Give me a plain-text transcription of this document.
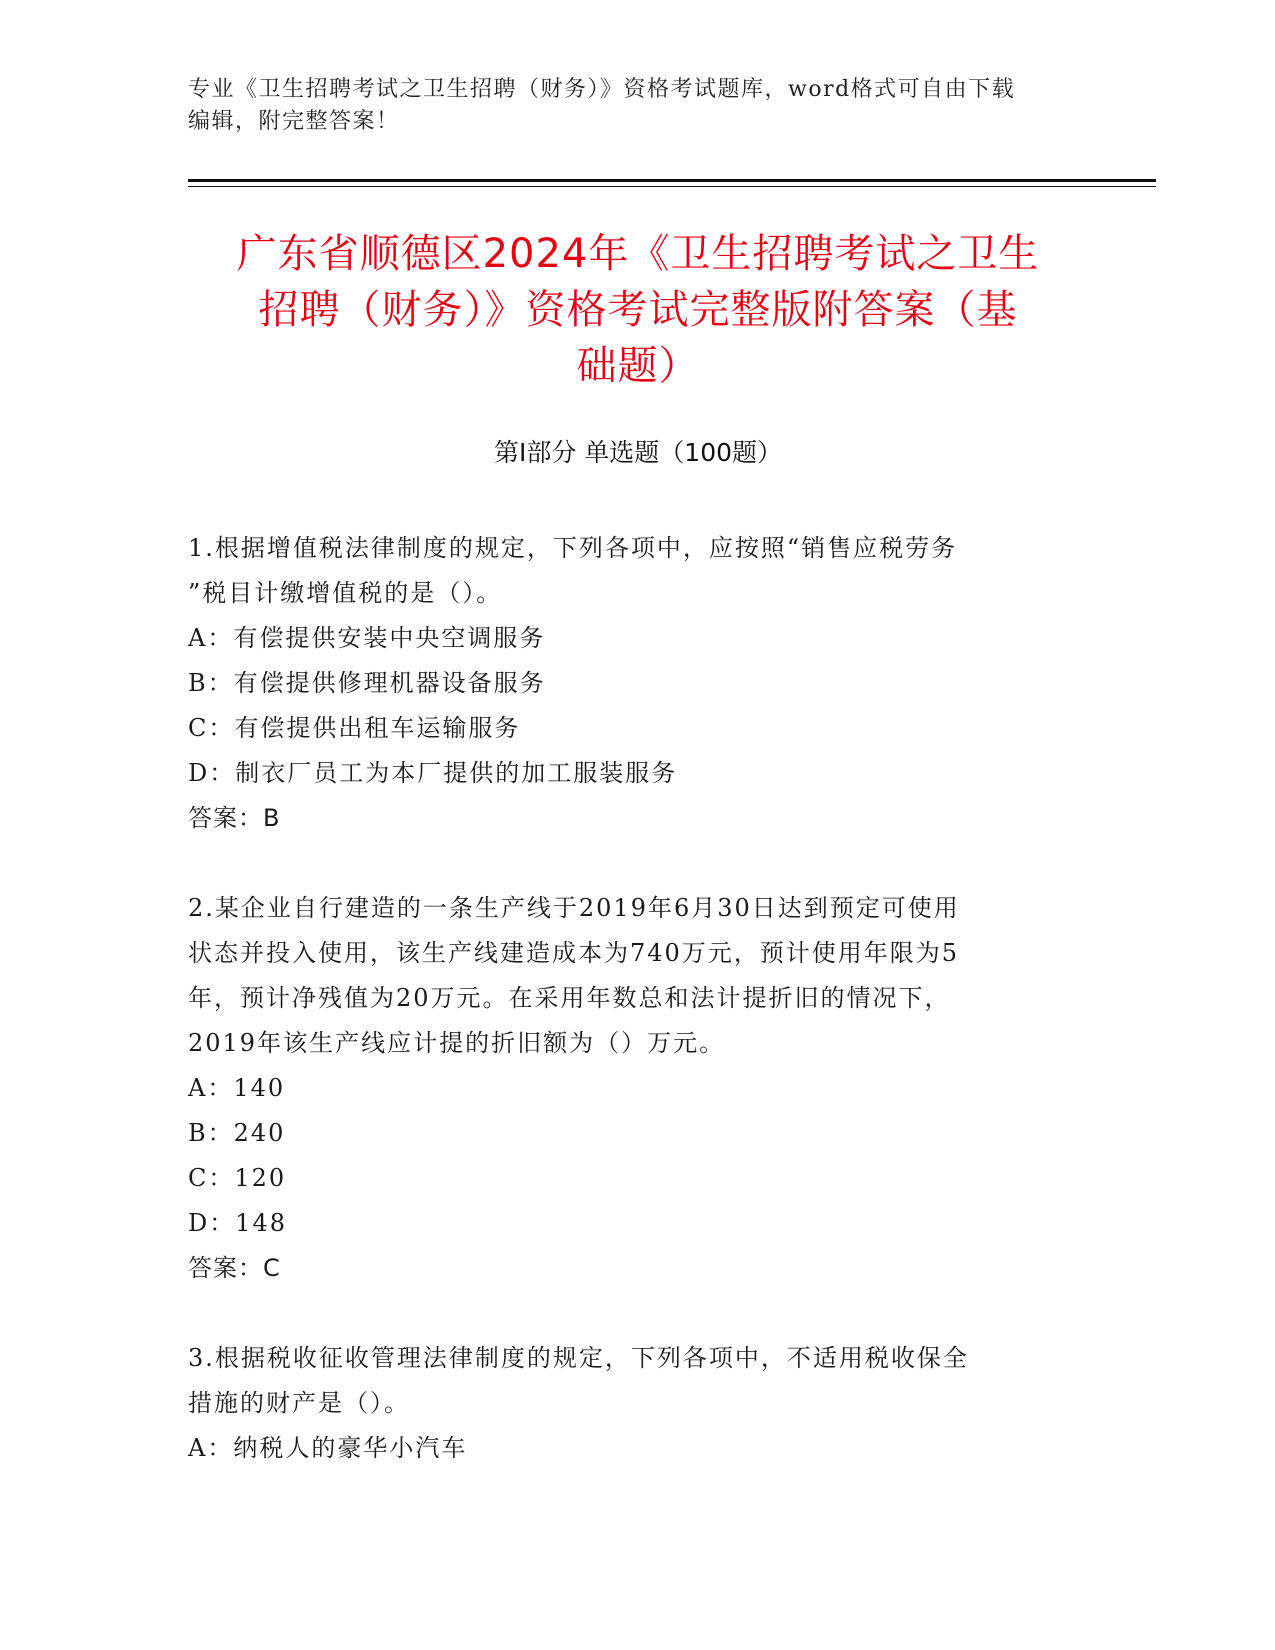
专业《卫生招聘考试之卫生招聘（财务）》资格考试题库，word格式可自由下载
编辑，附完整答案！
广东省顺德区2024年《卫生招聘考试之卫生
招聘（财务）》资格考试完整版附答案（基
础题）
第I部分 单选题（100题）

1.根据增值税法律制度的规定，下列各项中，应按照“销售应税劳务

”税目计缴增值税的是（）。

A：有偿提供安装中央空调服务

B：有偿提供修理机器设备服务

C：有偿提供出租车运输服务

D：制衣厂员工为本厂提供的加工服装服务

答案：B

2.某企业自行建造的一条生产线于2019年6月30日达到预定可使用

状态并投入使用，该生产线建造成本为740万元，预计使用年限为5

年，预计净残值为20万元。在采用年数总和法计提折旧的情况下，

2019年该生产线应计提的折旧额为（）万元。

A：140

B：240

C：120

D：148

答案：C

3.根据税收征收管理法律制度的规定，下列各项中，不适用税收保全

措施的财产是（）。

A：纳税人的豪华小汽车
